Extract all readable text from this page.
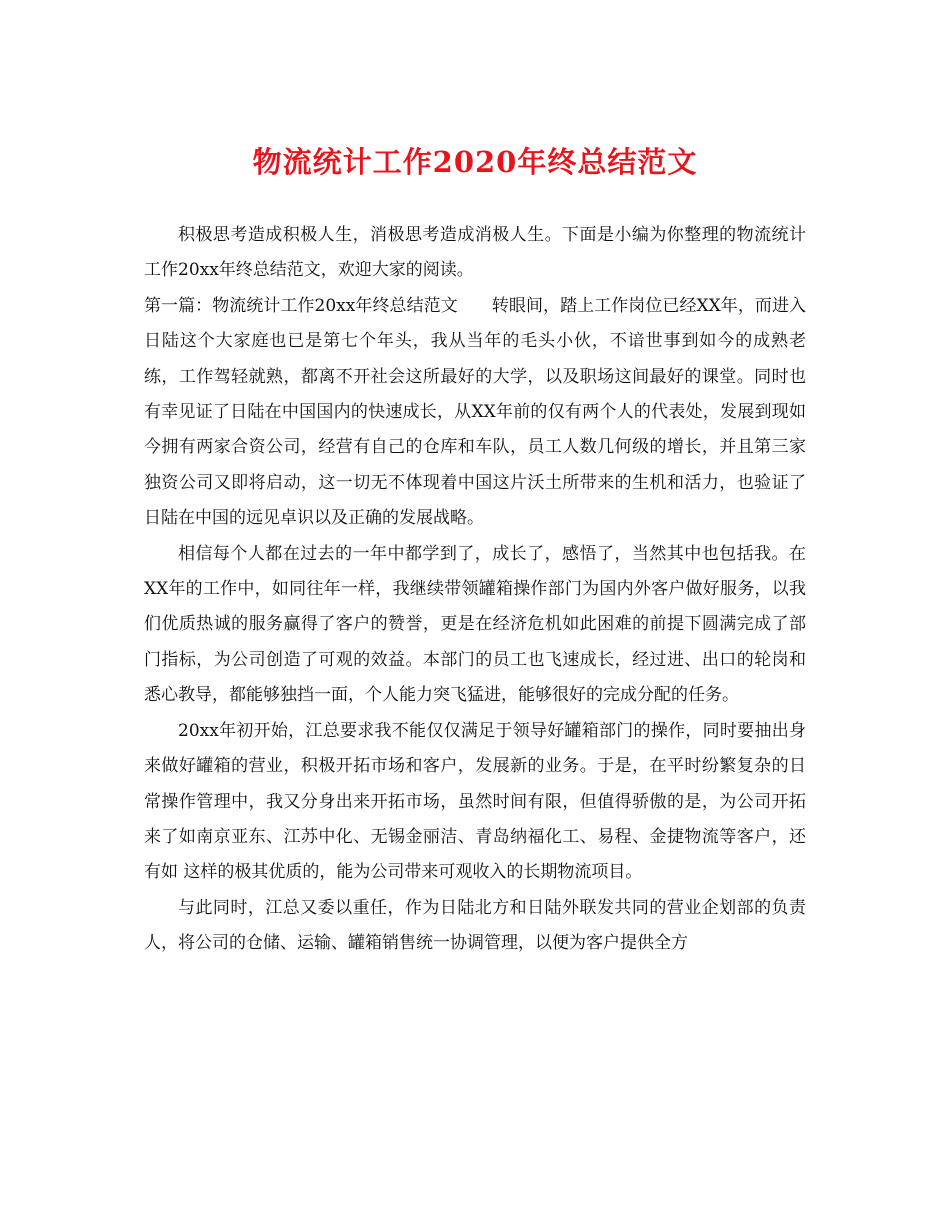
物流统计工作2020年终总结范文

积极思考造成积极人生，消极思考造成消极人生。下面是小编为你整理的物流统计工作20xx年终总结范文，欢迎大家的阅读。

第一篇：物流统计工作20xx年终总结范文　　转眼间，踏上工作岗位已经XX年，而进入日陆这个大家庭也已是第七个年头，我从当年的毛头小伙，不谙世事到如今的成熟老练，工作驾轻就熟，都离不开社会这所最好的大学，以及职场这间最好的课堂。同时也有幸见证了日陆在中国国内的快速成长，从XX年前的仅有两个人的代表处，发展到现如今拥有两家合资公司，经营有自己的仓库和车队，员工人数几何级的增长，并且第三家独资公司又即将启动，这一切无不体现着中国这片沃土所带来的生机和活力，也验证了日陆在中国的远见卓识以及正确的发展战略。

相信每个人都在过去的一年中都学到了，成长了，感悟了，当然其中也包括我。在XX年的工作中，如同往年一样，我继续带领罐箱操作部门为国内外客户做好服务，以我们优质热诚的服务赢得了客户的赞誉，更是在经济危机如此困难的前提下圆满完成了部门指标，为公司创造了可观的效益。本部门的员工也飞速成长，经过进、出口的轮岗和悉心教导，都能够独挡一面，个人能力突飞猛进，能够很好的完成分配的任务。

20xx年初开始，江总要求我不能仅仅满足于领导好罐箱部门的操作，同时要抽出身来做好罐箱的营业，积极开拓市场和客户，发展新的业务。于是，在平时纷繁复杂的日常操作管理中，我又分身出来开拓市场，虽然时间有限，但值得骄傲的是，为公司开拓来了如南京亚东、江苏中化、无锡金丽洁、青岛纳福化工、易程、金捷物流等客户，还有如 这样的极其优质的，能为公司带来可观收入的长期物流项目。

与此同时，江总又委以重任，作为日陆北方和日陆外联发共同的营业企划部的负责人，将公司的仓储、运输、罐箱销售统一协调管理，以便为客户提供全方
